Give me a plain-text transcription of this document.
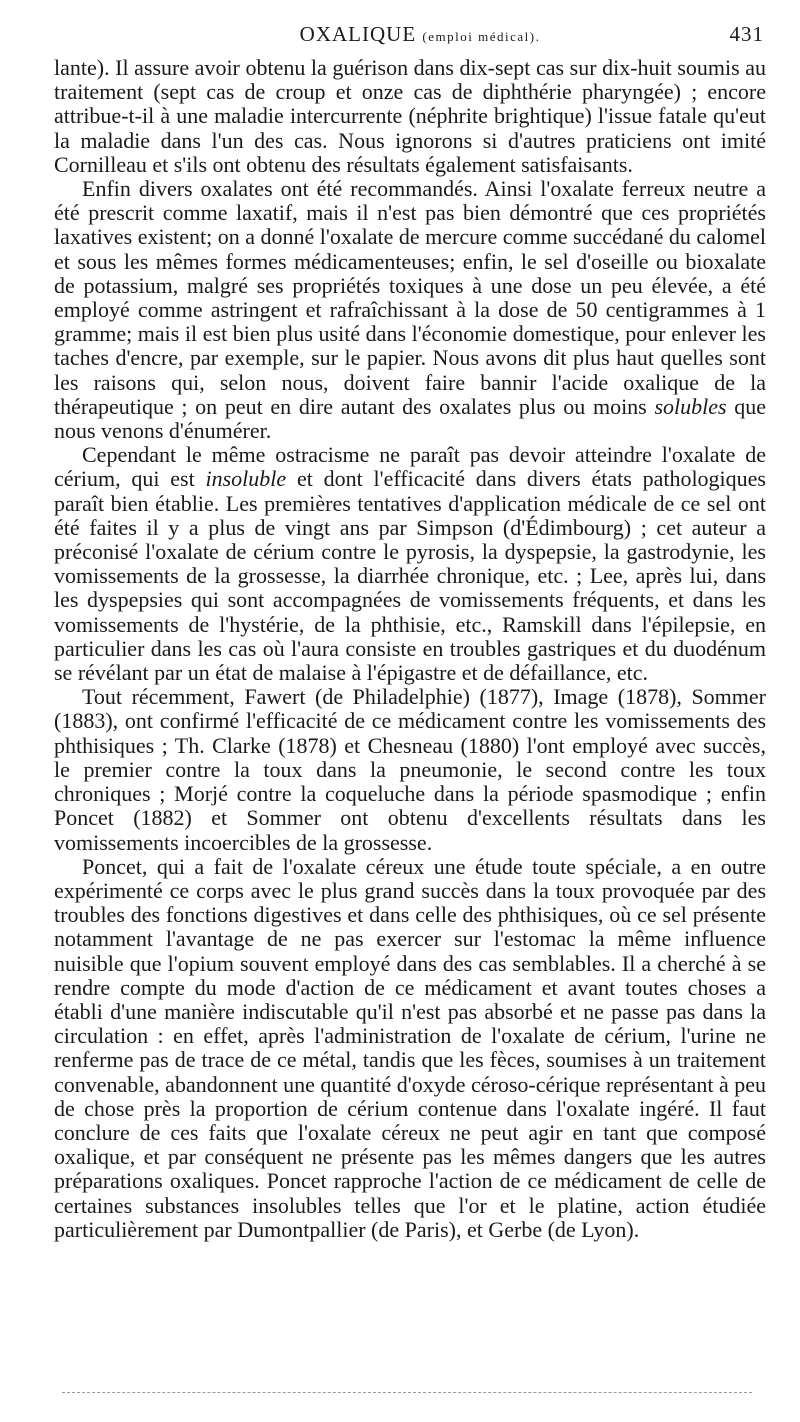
OXALIQUE (emploi médical).	431

lante). Il assure avoir obtenu la guérison dans dix-sept cas sur dix-huit soumis au traitement (sept cas de croup et onze cas de diphthérie pharyngée) ; encore attribue-t-il à une maladie intercurrente (néphrite brightique) l'issue fatale qu'eut la maladie dans l'un des cas. Nous ignorons si d'autres praticiens ont imité Cornilleau et s'ils ont obtenu des résultats également satisfaisants.

Enfin divers oxalates ont été recommandés. Ainsi l'oxalate ferreux neutre a été prescrit comme laxatif, mais il n'est pas bien démontré que ces propriétés laxatives existent; on a donné l'oxalate de mercure comme succédané du calomel et sous les mêmes formes médicamenteuses; enfin, le sel d'oseille ou bioxalate de potassium, malgré ses propriétés toxiques à une dose un peu élevée, a été employé comme astringent et rafraîchissant à la dose de 50 centigrammes à 1 gramme; mais il est bien plus usité dans l'économie domestique, pour enlever les taches d'encre, par exemple, sur le papier. Nous avons dit plus haut quelles sont les raisons qui, selon nous, doivent faire bannir l'acide oxalique de la thérapeutique ; on peut en dire autant des oxalates plus ou moins solubles que nous venons d'énumérer.

Cependant le même ostracisme ne paraît pas devoir atteindre l'oxalate de cérium, qui est insoluble et dont l'efficacité dans divers états pathologiques paraît bien établie. Les premières tentatives d'application médicale de ce sel ont été faites il y a plus de vingt ans par Simpson (d'Édimbourg) ; cet auteur a préconisé l'oxalate de cérium contre le pyrosis, la dyspepsie, la gastrodynie, les vomissements de la grossesse, la diarrhée chronique, etc. ; Lee, après lui, dans les dyspepsies qui sont accompagnées de vomissements fréquents, et dans les vomissements de l'hystérie, de la phthisie, etc., Ramskill dans l'épilepsie, en particulier dans les cas où l'aura consiste en troubles gastriques et du duodénum se révélant par un état de malaise à l'épigastre et de défaillance, etc.

Tout récemment, Fawert (de Philadelphie) (1877), Image (1878), Sommer (1883), ont confirmé l'efficacité de ce médicament contre les vomissements des phthisiques ; Th. Clarke (1878) et Chesneau (1880) l'ont employé avec succès, le premier contre la toux dans la pneumonie, le second contre les toux chroniques ; Morjé contre la coqueluche dans la période spasmodique ; enfin Poncet (1882) et Sommer ont obtenu d'excellents résultats dans les vomissements incoercibles de la grossesse.

Poncet, qui a fait de l'oxalate céreux une étude toute spéciale, a en outre expérimenté ce corps avec le plus grand succès dans la toux provoquée par des troubles des fonctions digestives et dans celle des phthisiques, où ce sel présente notamment l'avantage de ne pas exercer sur l'estomac la même influence nuisible que l'opium souvent employé dans des cas semblables. Il a cherché à se rendre compte du mode d'action de ce médicament et avant toutes choses a établi d'une manière indiscutable qu'il n'est pas absorbé et ne passe pas dans la circulation : en effet, après l'administration de l'oxalate de cérium, l'urine ne renferme pas de trace de ce métal, tandis que les fèces, soumises à un traitement convenable, abandonnent une quantité d'oxyde céroso-cérique représentant à peu de chose près la proportion de cérium contenue dans l'oxalate ingéré. Il faut conclure de ces faits que l'oxalate céreux ne peut agir en tant que composé oxalique, et par conséquent ne présente pas les mêmes dangers que les autres préparations oxaliques. Poncet rapproche l'action de ce médicament de celle de certaines substances insolubles telles que l'or et le platine, action étudiée particulièrement par Dumontpallier (de Paris), et Gerbe (de Lyon).
